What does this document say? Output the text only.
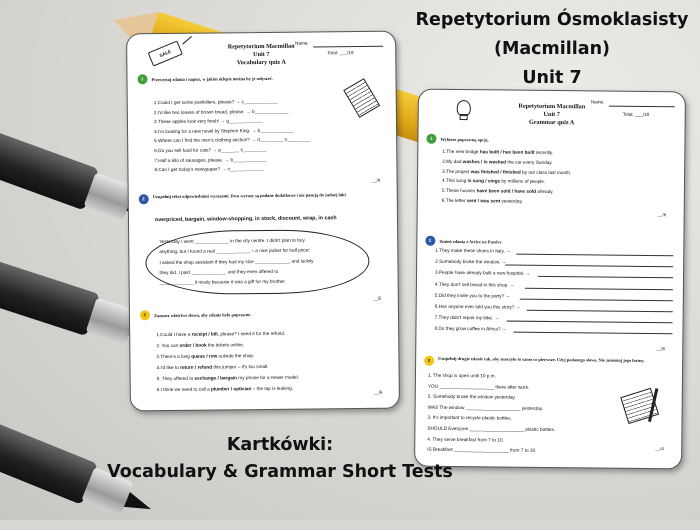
Repetytorium Ósmoklasisty
(Macmillan)
Unit 7
Name:
Total: ___/19
SALE
Repetytorium Macmillan
Unit 7
Vocabulary quiz A
1 Przeczytaj zdania i napisz, w jakim sklepie można by je usłyszeć.
1.Could I get some painkillers, please? → c_____________
2.I'd like two loaves of brown bread, please. → b_____________
3.These apples look very fresh! → g_____________
4.I'm looking for a new novel by Stephen King. → b_____________
5.Where can I find the men's clothing section? → d_________ s_________
6.Do you sell food for cats? → p_______ s_________
7.Half a kilo of sausages, please. → b_____________
8.Can I get today's newspaper? → n_____________
__/8
2 Uzupełnij tekst odpowiednimi wyrazami. Dwa wyrazy są podane dodatkowo i nie pasują do żadnej luki
overpriced, bargain, window-shopping, in stock, discount, wrap, in cash
Yesterday I went _____________ in the city centre. I didn't plan to buy
anything, but I found a real _____________ – a nice jacket for half price!
I asked the shop assistant if they had my size _____________, and luckily
they did. I paid _____________, and they even offered to
_____________ it nicely because it was a gift for my brother.
__/5
3 Zaznacz właściwe słowo, aby zdanie było poprawne.
1.Could I have a receipt / bill, please? I need it for the refund.
2. You can order / book the tickets online.
3.There's a long queue / row outside the shop.
4.I'd like to return / refund this jumper – it's too small.
5. They offered to exchange / bargain my phone for a newer model.
6.I think we need to call a plumber / optician – the tap is leaking.
__/6
Name:
Total: ___/18
Repetytorium Macmillan
Unit 7
Grammar quiz A
1 Wybierz poprawną opcję.
1.The new bridge has built / has been built recently.
2.My dad washes / is washed the car every Sunday.
3.The project was finished / finished by our class last month.
4.This song is sung / sings by millions of people.
5.These houses have been sold / have sold already.
6.The letter sent / was sent yesterday.
__/6
2 Zmień zdania z Active na Passive
1.They make these shoes in Italy. →
2.Somebody broke the window. →
3.People have already built a new hospital. →
4.They don't sell bread in this shop. →
5.Did they invite you to the party? →
6.Has anyone ever told you this story? →
7.They didn't repair my bike. →
8.Do they grow coffee in Africa? →
__/8
3 Uzupełnij drugie zdanie tak, aby znaczyło to samo co pierwsze. Użyj podanego słowa. Nie zmieniaj jego formy.
1. The shop is open until 10 p.m.
YOU _____________________ there after work.
2. Somebody broke the window yesterday.
WAS The window _____________________ yesterday.
3. It's important to recycle plastic bottles.
SHOULD Everyone _____________________ plastic bottles.
4. They serve breakfast from 7 to 10.
IS Breakfast _____________________ from 7 to 10.	__/4
Kartkówki:
Vocabulary & Grammar Short Tests
